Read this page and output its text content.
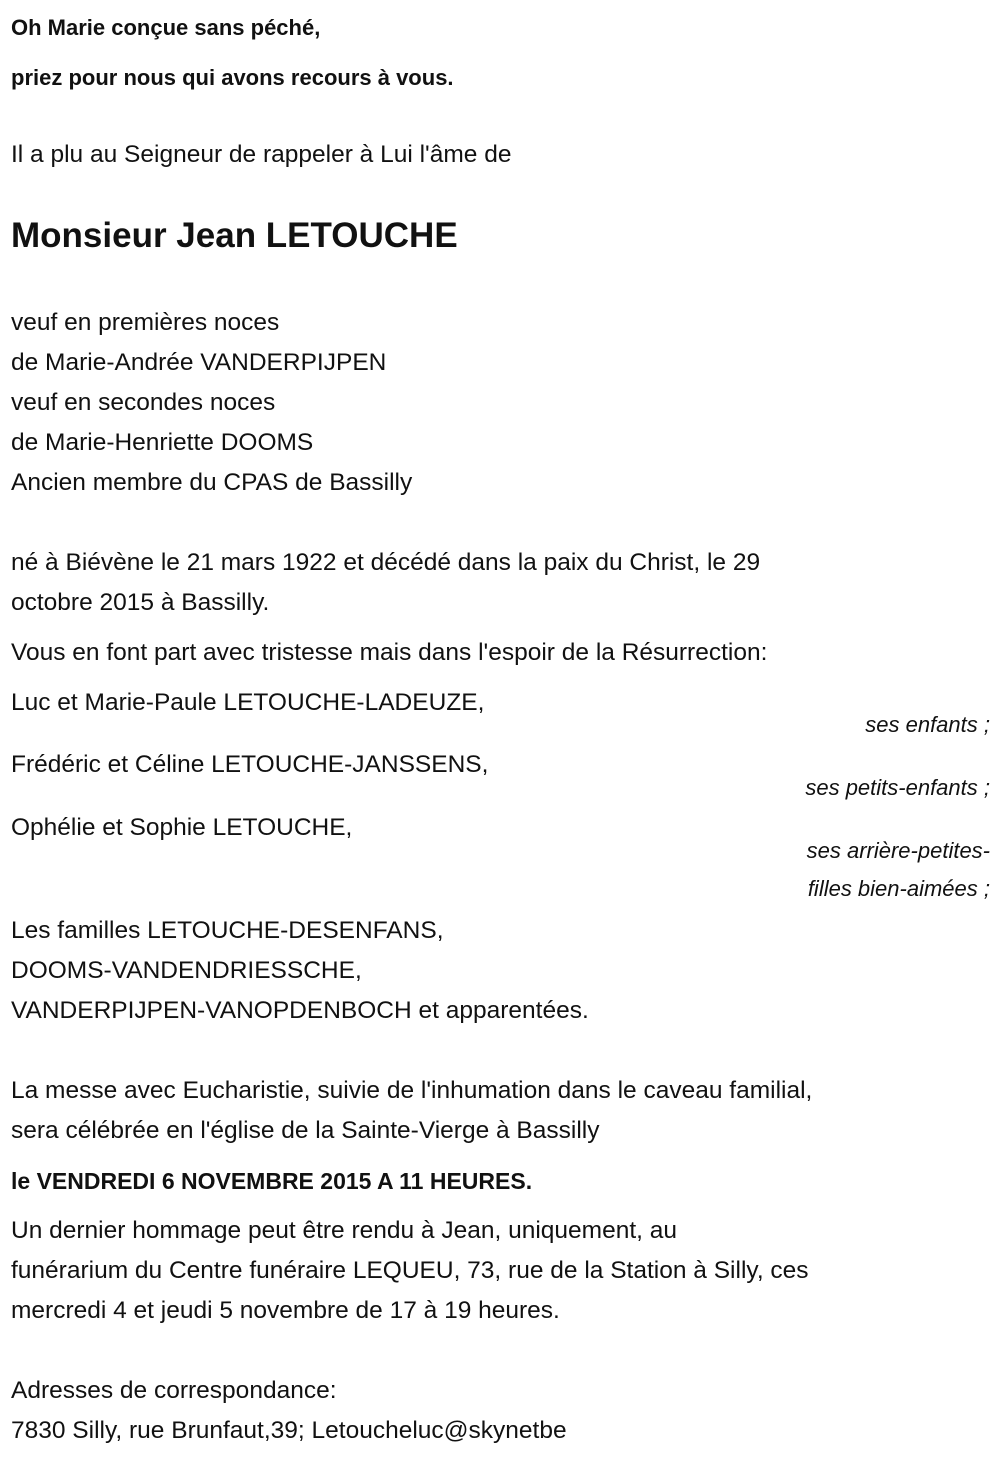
Oh Marie conçue sans péché,
priez pour nous qui avons recours à vous.
Il a plu au Seigneur de rappeler à Lui l'âme de
Monsieur Jean LETOUCHE
veuf en premières noces
de Marie-Andrée VANDERPIJPEN
veuf en secondes noces
de Marie-Henriette DOOMS
Ancien membre du CPAS de Bassilly
né à Biévène le 21 mars 1922 et décédé dans la paix du Christ, le 29
octobre 2015 à Bassilly.
Vous en font part avec tristesse mais dans l'espoir de la Résurrection:
Luc et Marie-Paule LETOUCHE-LADEUZE,
ses enfants ;
Frédéric et Céline LETOUCHE-JANSSENS,
ses petits-enfants ;
Ophélie et Sophie LETOUCHE,
ses arrière-petites-
filles bien-aimées ;
Les familles LETOUCHE-DESENFANS,
DOOMS-VANDENDRIESSCHE,
VANDERPIJPEN-VANOPDENBOCH et apparentées.
La messe avec Eucharistie, suivie de l'inhumation dans le caveau familial,
sera célébrée en l'église de la Sainte-Vierge à Bassilly
le VENDREDI 6 NOVEMBRE 2015 A 11 HEURES.
Un dernier hommage peut être rendu à Jean, uniquement, au
funérarium du Centre funéraire LEQUEU, 73, rue de la Station à Silly, ces
mercredi 4 et jeudi 5 novembre de 17 à 19 heures.
Adresses de correspondance:
7830 Silly, rue Brunfaut,39; Letoucheluc@skynetbe
